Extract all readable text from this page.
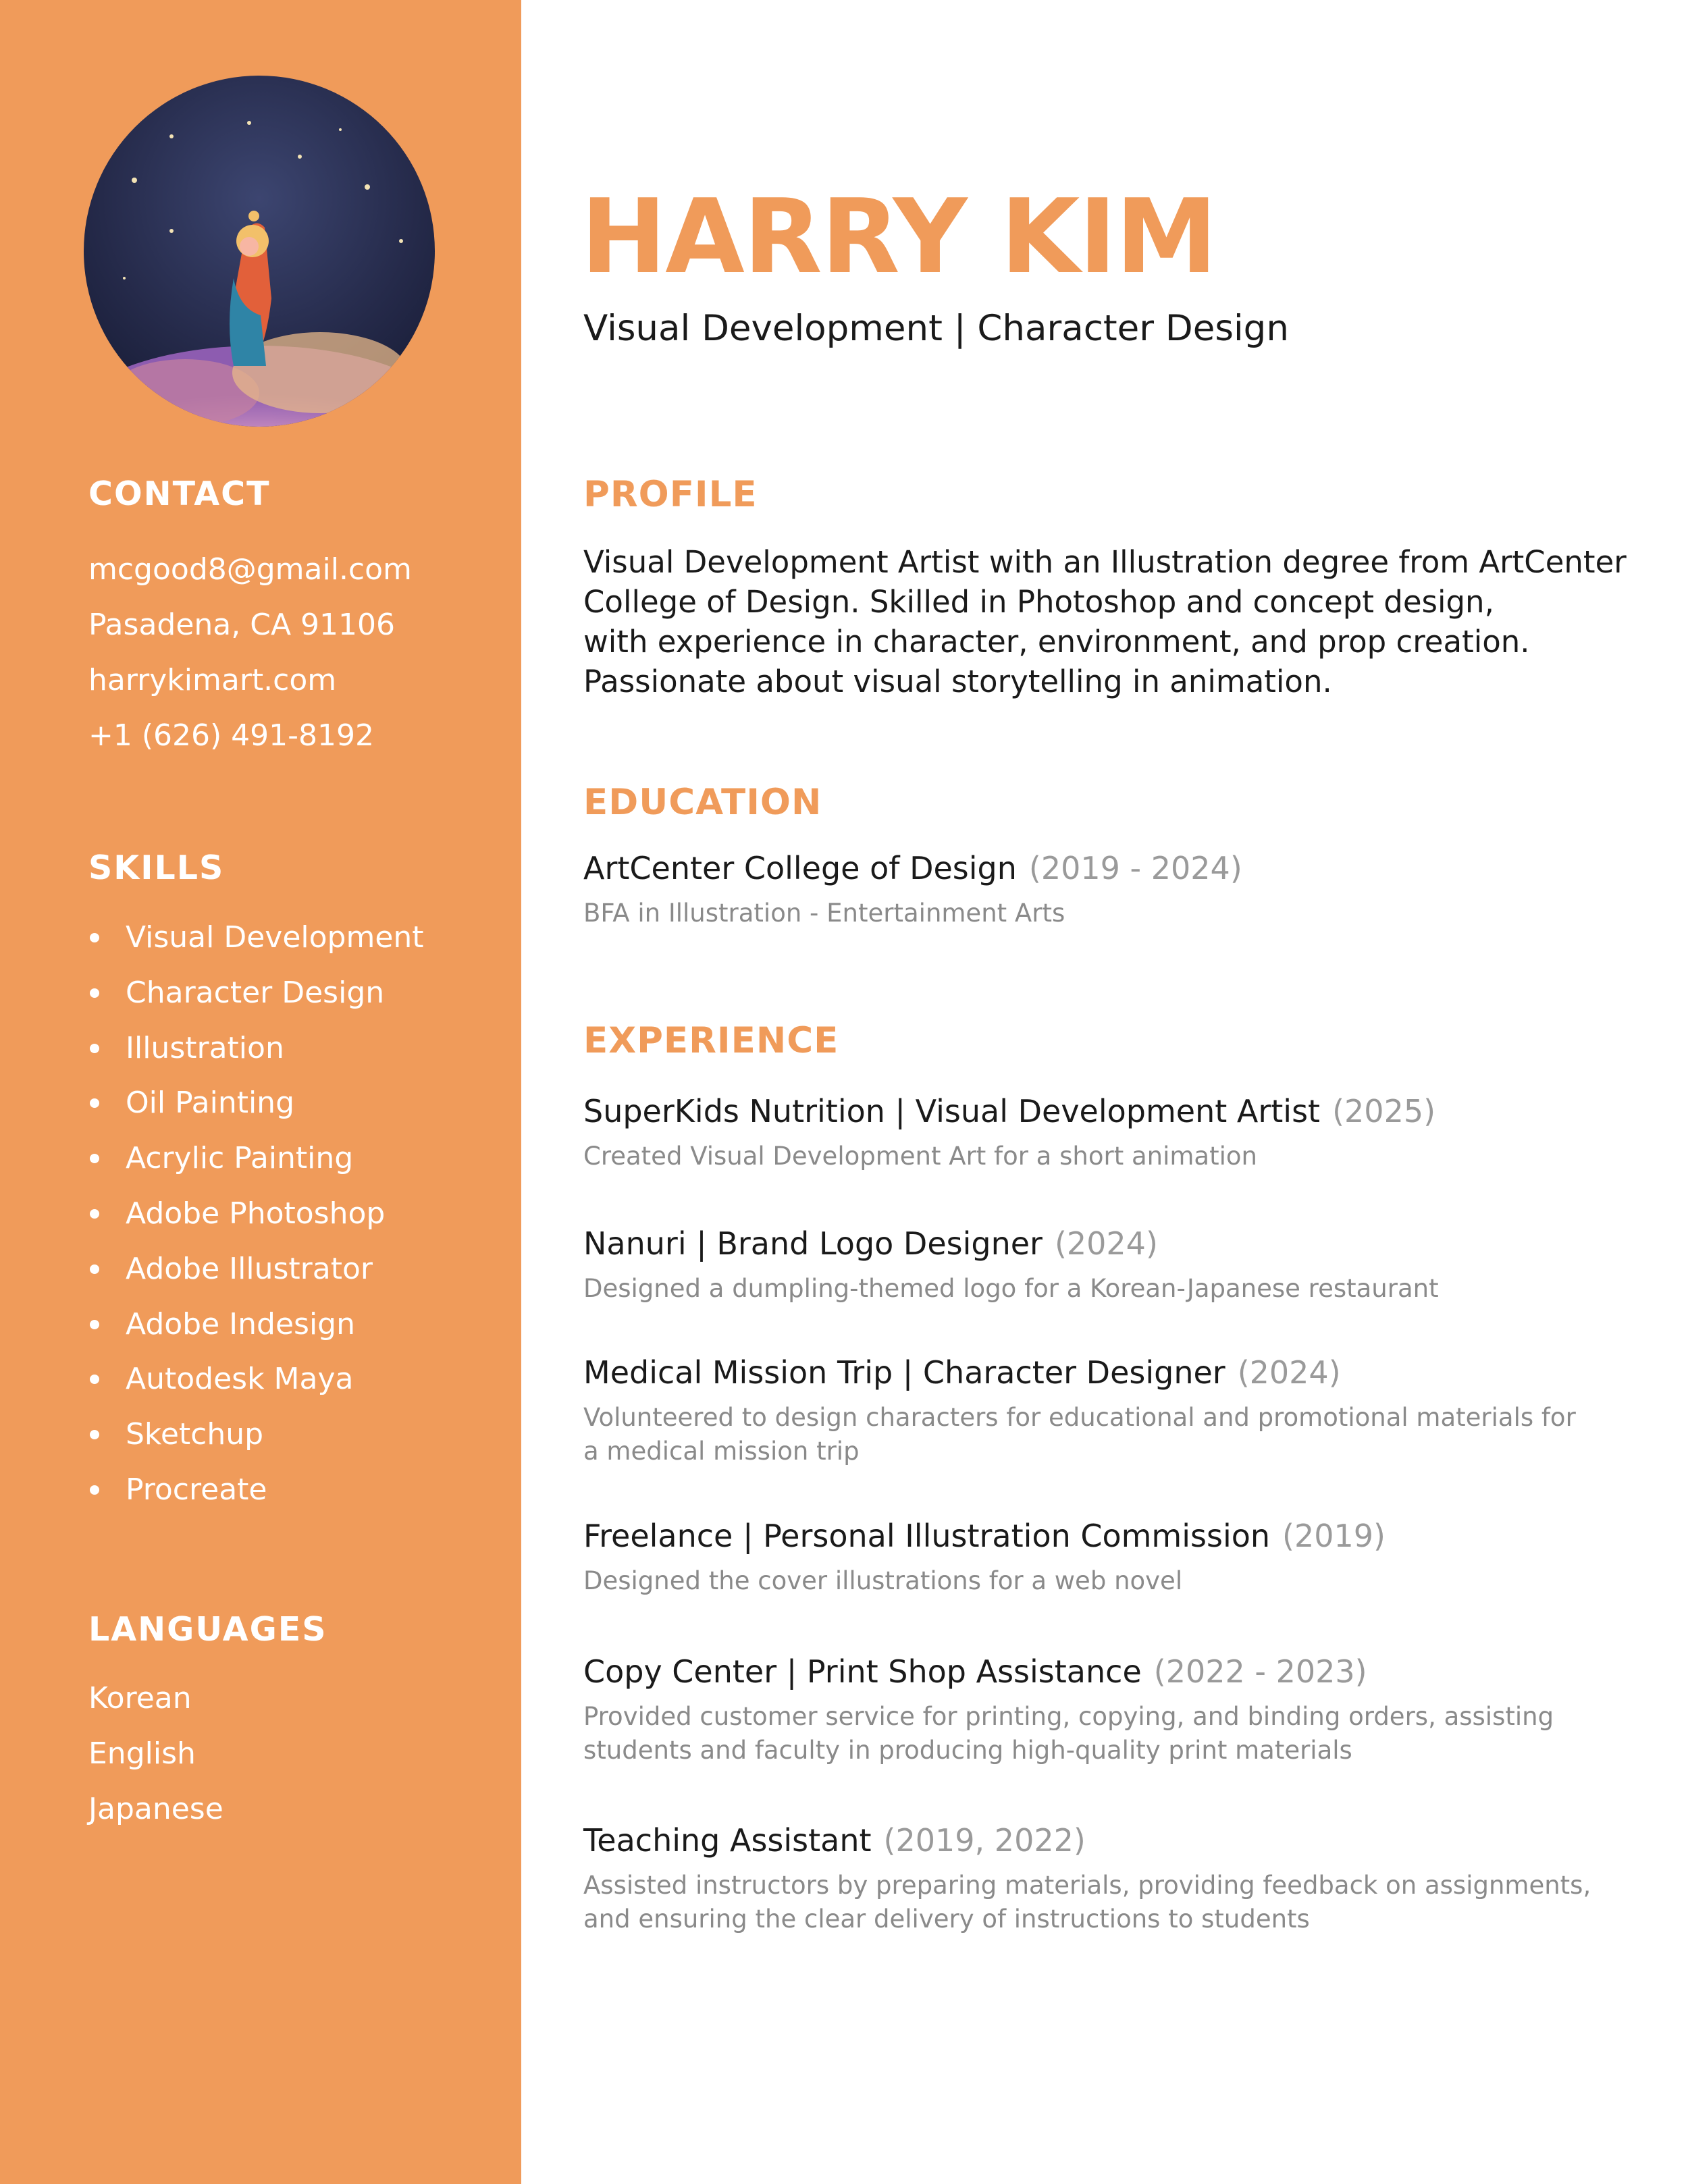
CONTACT
mcgood8@gmail.com
Pasadena, CA 91106
harrykimart.com
+1 (626) 491-8192
SKILLS
Visual Development
Character Design
Illustration
Oil Painting
Acrylic Painting
Adobe Photoshop
Adobe Illustrator
Adobe Indesign
Autodesk Maya
Sketchup
Procreate
LANGUAGES
Korean
English
Japanese
HARRY KIM

Visual Development | Character Design

PROFILE

Visual Development Artist with an Illustration degree from ArtCenter
College of Design. Skilled in Photoshop and concept design,
with experience in character, environment, and prop creation.
Passionate about visual storytelling in animation.

EDUCATION

ArtCenter College of Design (2019 - 2024)

BFA in Illustration - Entertainment Arts

EXPERIENCE

SuperKids Nutrition | Visual Development Artist (2025)

Created Visual Development Art for a short animation

Nanuri | Brand Logo Designer (2024)

Designed a dumpling-themed logo for a Korean-Japanese restaurant

Medical Mission Trip | Character Designer (2024)

Volunteered to design characters for educational and promotional materials for
a medical mission trip

Freelance | Personal Illustration Commission (2019)

Designed the cover illustrations for a web novel

Copy Center | Print Shop Assistance (2022 - 2023)

Provided customer service for printing, copying, and binding orders, assisting
students and faculty in producing high-quality print materials

Teaching Assistant (2019, 2022)

Assisted instructors by preparing materials, providing feedback on assignments,
and ensuring the clear delivery of instructions to students
